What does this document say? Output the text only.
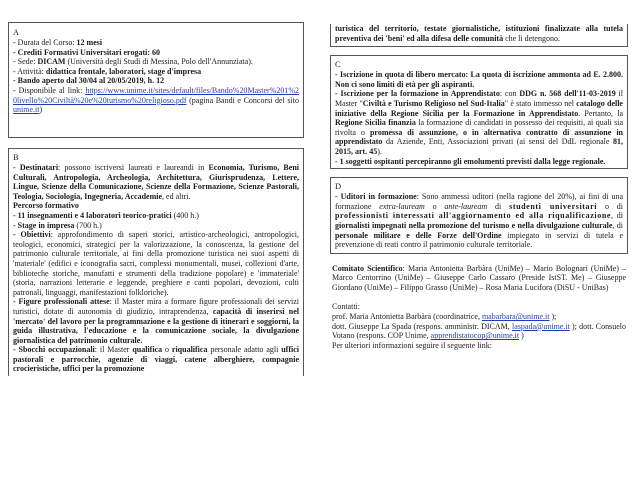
A

- Durata del Corso: 12 mesi

- Crediti Formativi Universitari erogati: 60

- Sede: DICAM (Università degli Studi di Messina, Polo dell'Annunziata).

- Attività: didattica frontale, laboratori, stage d'impresa

- Bando aperto dal 30/04 al 20/05/2019, h. 12

- Disponibile al link: https://www.unime.it/sites/default/files/Bando%20Master%201%20livello%20Civiltà%20e%20turismo%20religioso.pdf (pagina Bandi e Concorsi del sito unime.it)

B

- Destinatari: possono iscriversi laureati e laureandi in Economia, Turismo, Beni Culturali, Antropologia, Archeologia, Architettura, Giurisprudenza, Lettere, Lingue, Scienze della Comunicazione, Scienze della Formazione, Scienze Pastorali, Teologia, Sociologia, Ingegneria, Accademie, ed altri.

Percorso formativo

- 11 insegnamenti e 4 laboratori teorico-pratici (400 h.)

- Stage in impresa (700 h.)

- Obiettivi: approfondimento di saperi storici, artistico-archeologici, antropologici, teologici, economici, strategici per la valorizzazione, la conoscenza, la gestione del patrimonio culturale territoriale, ai fini della promozione turistica nei suoi aspetti di 'materiale' (edifici e iconografia sacri, complessi monumentali, musei, collezioni d'arte, biblioteche storiche, manufatti e strumenti della tradizione popolare) e 'immateriale' (storia, narrazioni letterarie e leggende, preghiere e canti popolari, devozioni, culti patronali, linguaggi, manifestazioni folkloriche).

- Figure professionali attese: il Master mira a formare figure professionali dei servizi turistici, dotate di autonomia di giudizio, intraprendenza, capacità di inserirsi nel 'mercato' del lavoro per la programmazione e la gestione di itinerari e soggiorni, la guida illustrativa, l'educazione e la comunicazione sociale, la divulgazione giornalistica del patrimonio culturale.

- Sbocchi occupazionali: il Master qualifica o riqualifica personale adatto agli uffici pastorali e parrocchie, agenzie di viaggi, catene alberghiere, compagnie crocieristiche, uffici per la promozione

turistica del territorio, testate giornalistiche, istituzioni finalizzate alla tutela preventiva dei 'beni' ed alla difesa delle comunità che li detengono.

C

- Iscrizione in quota di libero mercato: La quota di iscrizione ammonta ad E. 2.800. Non ci sono limiti di età per gli aspiranti.

- Iscrizione per la formazione in Apprendistato: con DDG n. 568 dell'11-03-2019 il Master "Civiltà e Turismo Religioso nel Sud-Italia" è stato immesso nel catalogo delle iniziative della Regione Sicilia per la Formazione in Apprendistato. Pertanto, la Regione Sicilia finanzia la formazione di candidati in possesso dei requisiti, ai quali sia rivolta o promessa di assunzione, o in alternativa contratto di assunzione in apprendistato da Aziende, Enti, Associazioni privati (ai sensi del DdL regionale 81, 2015, art. 45).

- 1 soggetti ospitanti percepiranno gli emolumenti previsti dalla legge regionale.

D

- Uditori in formazione: Sono ammessi uditori (nella ragione del 20%), ai fini di una formazione extra-lauream o ante-lauream di studenti universitari o di professionisti interessati all'aggiornamento ed alla riqualificazione, di giornalisti impegnati nella promozione del turismo e nella divulgazione culturale, di personale militare e delle Forze dell'Ordine impiegato in servizi di tutela e prevenzione di reati contro il patrimonio culturale territoriale.

Comitato Scientifico: Maria Antonietta Barbàra (UniMe) – Mario Bolognari (UniMe) – Marco Centorrino (UniMe) – Giuseppe Carlo Cassaro (Preside IstST. Me) – Giuseppe Giordano (UniMe) – Filippo Grasso (UniMe) – Rosa Maria Lucifora (DiSU - UniBas)

Contatti:

prof. Maria Antonietta Barbàra (coordinatrice, mabarbara@unime.it );

dott. Giuseppe La Spada (respons. amministr. DICAM, laspada@unime.it ); dott. Consuelo Votano (respons. COP Unime, apprendistatocop@unime.it )

Per ulteriori informazioni seguire il seguente link:
